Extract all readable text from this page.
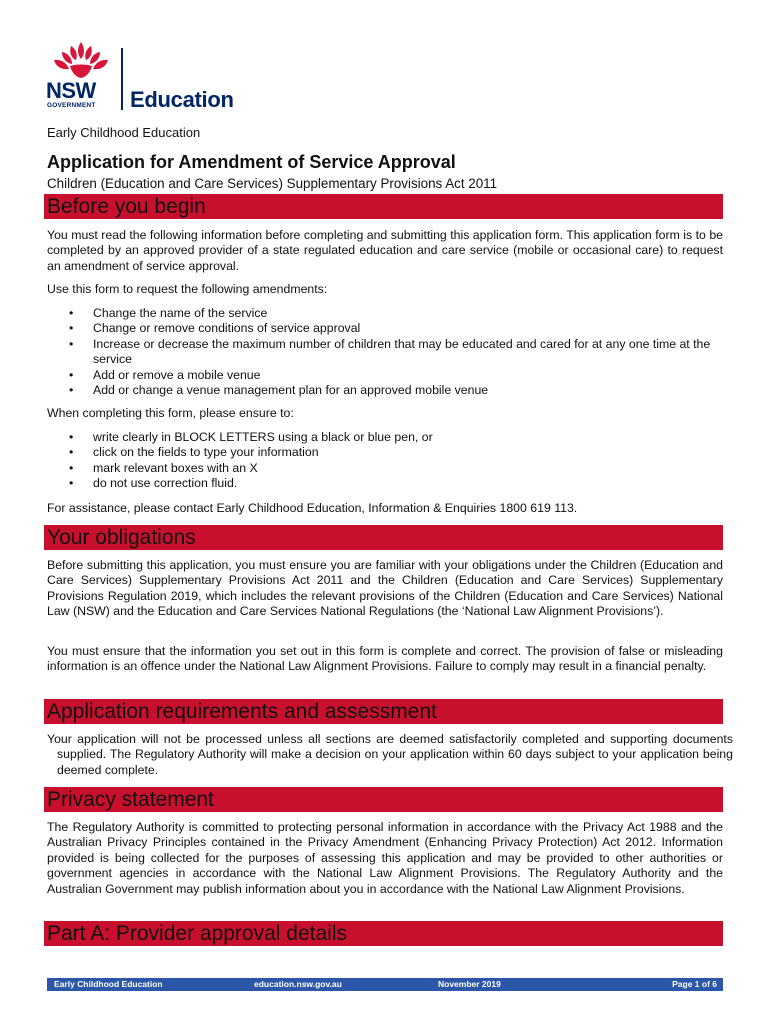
NSW
GOVERNMENT Education
Early Childhood Education
Application for Amendment of Service Approval
Children (Education and Care Services) Supplementary Provisions Act 2011
Before you begin

You must read the following information before completing and submitting this application form. This application form is to be completed by an approved provider of a state regulated education and care service (mobile or occasional care) to request an amendment of service approval.

Use this form to request the following amendments:

• Change the name of the service
• Change or remove conditions of service approval
• Increase or decrease the maximum number of children that may be educated and cared for at any one time at the service
• Add or remove a mobile venue
• Add or change a venue management plan for an approved mobile venue

When completing this form, please ensure to:

• write clearly in BLOCK LETTERS using a black or blue pen, or
• click on the fields to type your information
• mark relevant boxes with an X
• do not use correction fluid.

For assistance, please contact Early Childhood Education, Information & Enquiries 1800 619 113.

Your obligations

Before submitting this application, you must ensure you are familiar with your obligations under the Children (Education and Care Services) Supplementary Provisions Act 2011 and the Children (Education and Care Services) Supplementary Provisions Regulation 2019, which includes the relevant provisions of the Children (Education and Care Services) National Law (NSW) and the Education and Care Services National Regulations (the ‘National Law Alignment Provisions’).

You must ensure that the information you set out in this form is complete and correct. The provision of false or misleading information is an offence under the National Law Alignment Provisions. Failure to comply may result in a financial penalty.

Application requirements and assessment

Your application will not be processed unless all sections are deemed satisfactorily completed and supporting documents supplied. The Regulatory Authority will make a decision on your application within 60 days subject to your application being deemed complete.

Privacy statement

The Regulatory Authority is committed to protecting personal information in accordance with the Privacy Act 1988 and the Australian Privacy Principles contained in the Privacy Amendment (Enhancing Privacy Protection) Act 2012. Information provided is being collected for the purposes of assessing this application and may be provided to other authorities or government agencies in accordance with the National Law Alignment Provisions. The Regulatory Authority and the Australian Government may publish information about you in accordance with the National Law Alignment Provisions.

Part A: Provider approval details
Early Childhood Education	education.nsw.gov.au	November 2019	Page 1 of 6
